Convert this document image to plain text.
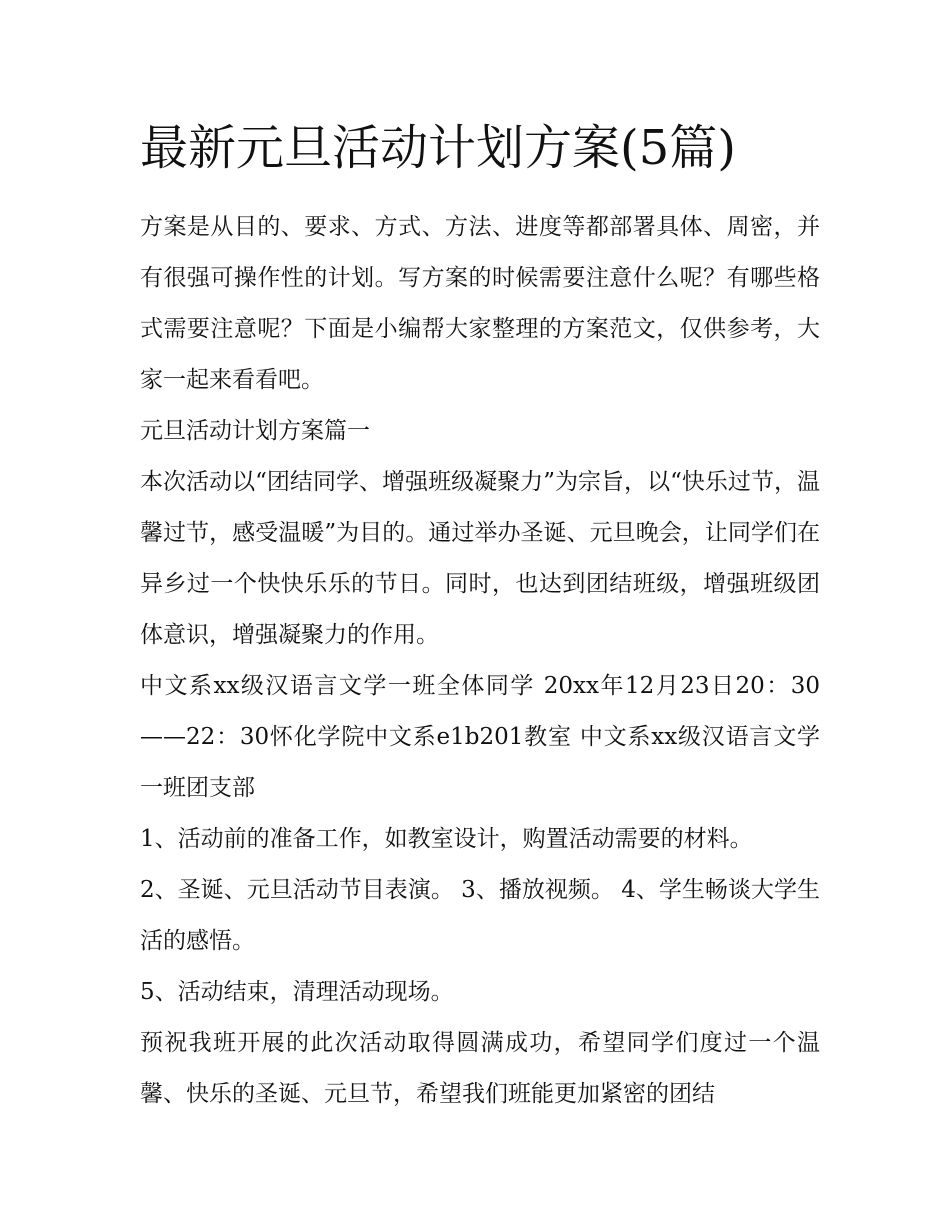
最新元旦活动计划方案(5篇)

方案是从目的、要求、方式、方法、进度等都部署具体、周密，并有很强可操作性的计划。写方案的时候需要注意什么呢？有哪些格式需要注意呢？下面是小编帮大家整理的方案范文，仅供参考，大家一起来看看吧。

元旦活动计划方案篇一

本次活动以“团结同学、增强班级凝聚力”为宗旨，以“快乐过节，温馨过节，感受温暖”为目的。通过举办圣诞、元旦晚会，让同学们在异乡过一个快快乐乐的节日。同时，也达到团结班级，增强班级团体意识，增强凝聚力的作用。

中文系xx级汉语言文学一班全体同学 20xx年12月23日20：30——22：30怀化学院中文系e1b201教室 中文系xx级汉语言文学一班团支部

1、活动前的准备工作，如教室设计，购置活动需要的材料。

2、圣诞、元旦活动节目表演。 3、播放视频。 4、学生畅谈大学生活的感悟。

5、活动结束，清理活动现场。

预祝我班开展的此次活动取得圆满成功，希望同学们度过一个温馨、快乐的圣诞、元旦节，希望我们班能更加紧密的团结
